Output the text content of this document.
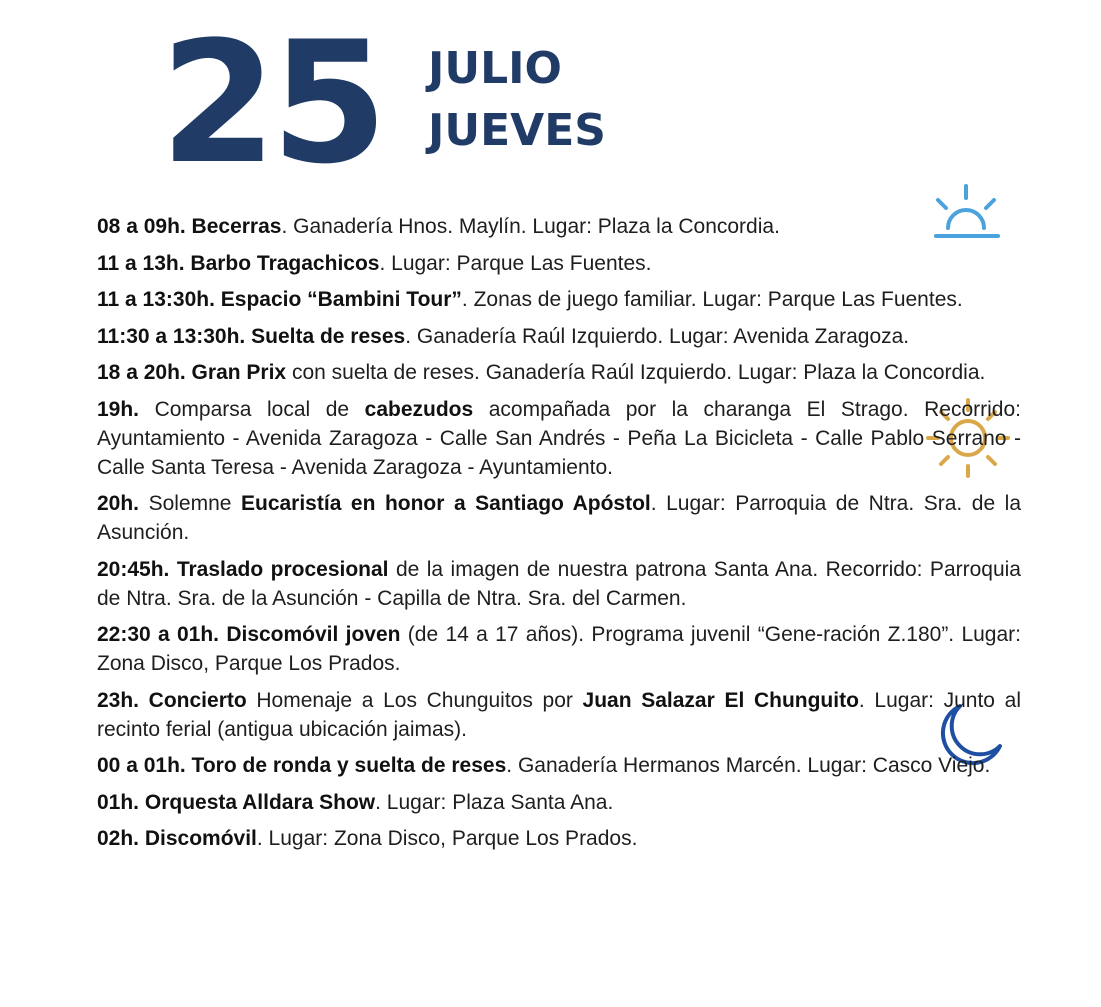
25 JULIO
JUEVES
08 a 09h. Becerras. Ganadería Hnos. Maylín. Lugar: Plaza la Concordia.
11 a 13h. Barbo Tragachicos. Lugar: Parque Las Fuentes.
11 a 13:30h. Espacio “Bambini Tour”. Zonas de juego familiar. Lugar: Parque Las Fuentes.
11:30 a 13:30h. Suelta de reses. Ganadería Raúl Izquierdo. Lugar: Avenida Zaragoza.
18 a 20h. Gran Prix con suelta de reses. Ganadería Raúl Izquierdo. Lugar: Plaza la Concordia.
19h. Comparsa local de cabezudos acompañada por la charanga El Strago. Recorrido: Ayuntamiento - Avenida Zaragoza - Calle San Andrés - Peña La Bicicleta - Calle Pablo Serrano - Calle Santa Teresa - Avenida Zaragoza - Ayuntamiento.
20h. Solemne Eucaristía en honor a Santiago Apóstol. Lugar: Parroquia de Ntra. Sra. de la Asunción.
20:45h. Traslado procesional de la imagen de nuestra patrona Santa Ana. Recorrido: Parroquia de Ntra. Sra. de la Asunción - Capilla de Ntra. Sra. del Carmen.
22:30 a 01h. Discomóvil joven (de 14 a 17 años). Programa juvenil “Gene-ración Z.180”. Lugar: Zona Disco, Parque Los Prados.
23h. Concierto Homenaje a Los Chunguitos por Juan Salazar El Chunguito. Lugar: Junto al recinto ferial (antigua ubicación jaimas).
00 a 01h. Toro de ronda y suelta de reses. Ganadería Hermanos Marcén. Lugar: Casco Viejo.
01h. Orquesta Alldara Show. Lugar: Plaza Santa Ana.
02h. Discomóvil. Lugar: Zona Disco, Parque Los Prados.
